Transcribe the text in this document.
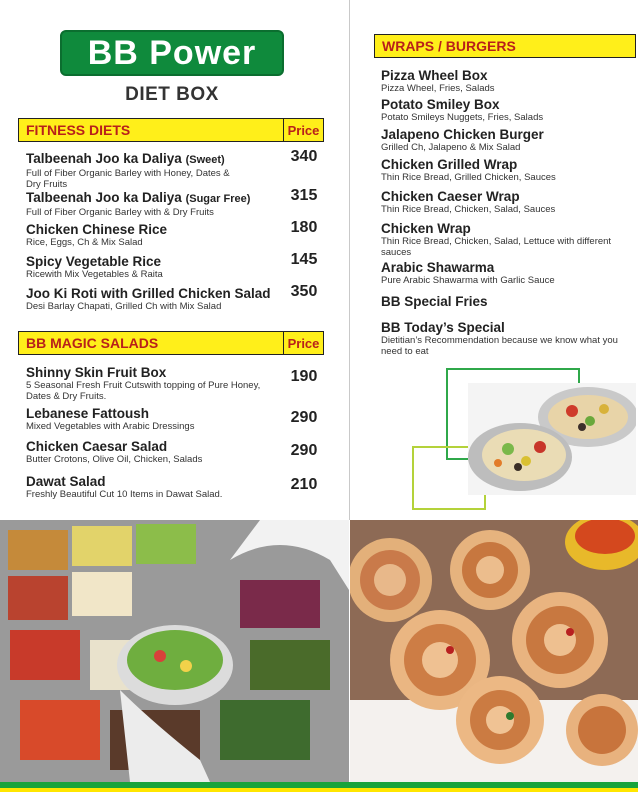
BB Power
DIET BOX
FITNESS DIETS	Price
Talbeenah Joo ka Daliya (Sweet)
Full of Fiber Organic Barley with Honey, Dates &
Dry Fruits
340
Talbeenah Joo ka Daliya (Sugar Free)
Full of Fiber Organic Barley with & Dry Fruits
315
Chicken Chinese Rice
Rice, Eggs, Ch & Mix Salad
180
Spicy Vegetable Rice
Ricewith Mix Vegetables & Raita
145
Joo Ki Roti with Grilled Chicken Salad
Desi Barlay Chapati, Grilled Ch with Mix Salad
350
BB MAGIC SALADS	Price
Shinny Skin Fruit Box
5 Seasonal Fresh Fruit Cutswith topping of Pure Honey,
Dates & Dry Fruits.
190
Lebanese Fattoush
Mixed Vegetables with Arabic Dressings
290
Chicken Caesar Salad
Butter Crotons, Olive Oil, Chicken, Salads
290
Dawat Salad
Freshly Beautiful Cut 10 Items in Dawat Salad.
210
WRAPS / BURGERS
Pizza Wheel Box
Pizza Wheel, Fries, Salads
Potato Smiley Box
Potato Smileys Nuggets, Fries, Salads
Jalapeno Chicken Burger
Grilled Ch, Jalapeno & Mix Salad
Chicken Grilled Wrap
Thin Rice Bread, Grilled Chicken, Sauces
Chicken Caeser Wrap
Thin Rice Bread, Chicken, Salad, Sauces
Chicken Wrap
Thin Rice Bread, Chicken, Salad, Lettuce with different
sauces
Arabic Shawarma
Pure Arabic Shawarma with Garlic Sauce
BB Special Fries
BB Today’s Special
Dietitian’s Recommendation because we know what you
need to eat
